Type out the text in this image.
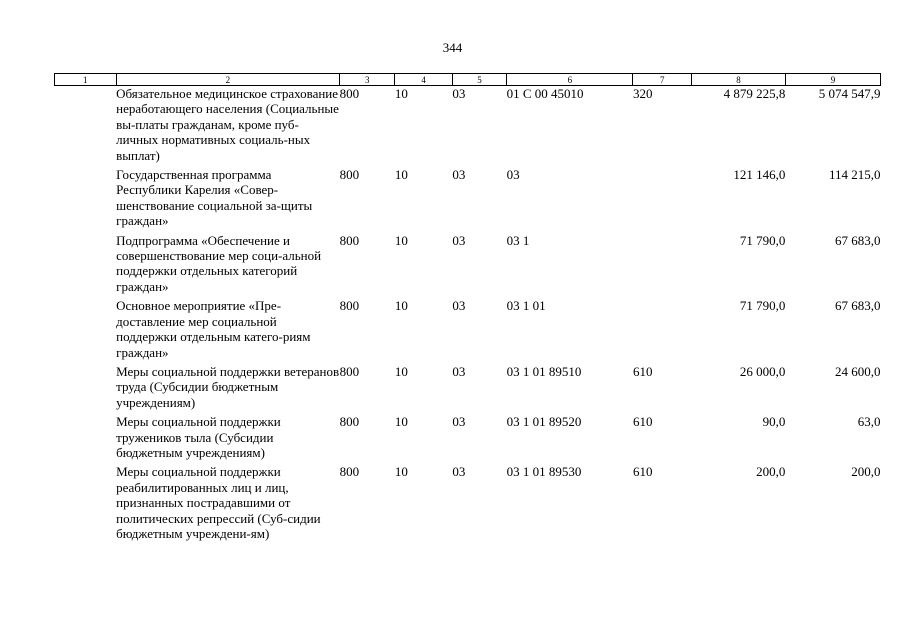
344
1	2	3	4	5	6	7	8	9
	Обязательное медицинское страхование неработающего населения (Социальные вы-платы гражданам, кроме пуб-личных нормативных социаль-ных выплат)	800	10	03	01 С 00 45010	320	4 879 225,8	5 074 547,9
	Государственная программа Республики Карелия «Совер-шенствование социальной за-щиты граждан»	800	10	03	03		121 146,0	114 215,0
	Подпрограмма «Обеспечение и совершенствование мер соци-альной поддержки отдельных категорий граждан»	800	10	03	03 1		71 790,0	67 683,0
	Основное мероприятие «Пре-доставление мер социальной поддержки отдельным катего-риям граждан»	800	10	03	03 1 01		71 790,0	67 683,0
	Меры социальной поддержки ветеранов труда (Субсидии бюджетным учреждениям)	800	10	03	03 1 01 89510	610	26 000,0	24 600,0
	Меры социальной поддержки тружеников тыла (Субсидии бюджетным учреждениям)	800	10	03	03 1 01 89520	610	90,0	63,0
	Меры социальной поддержки реабилитированных лиц и лиц, признанных пострадавшими от политических репрессий (Суб-сидии бюджетным учреждени-ям)	800	10	03	03 1 01 89530	610	200,0	200,0
